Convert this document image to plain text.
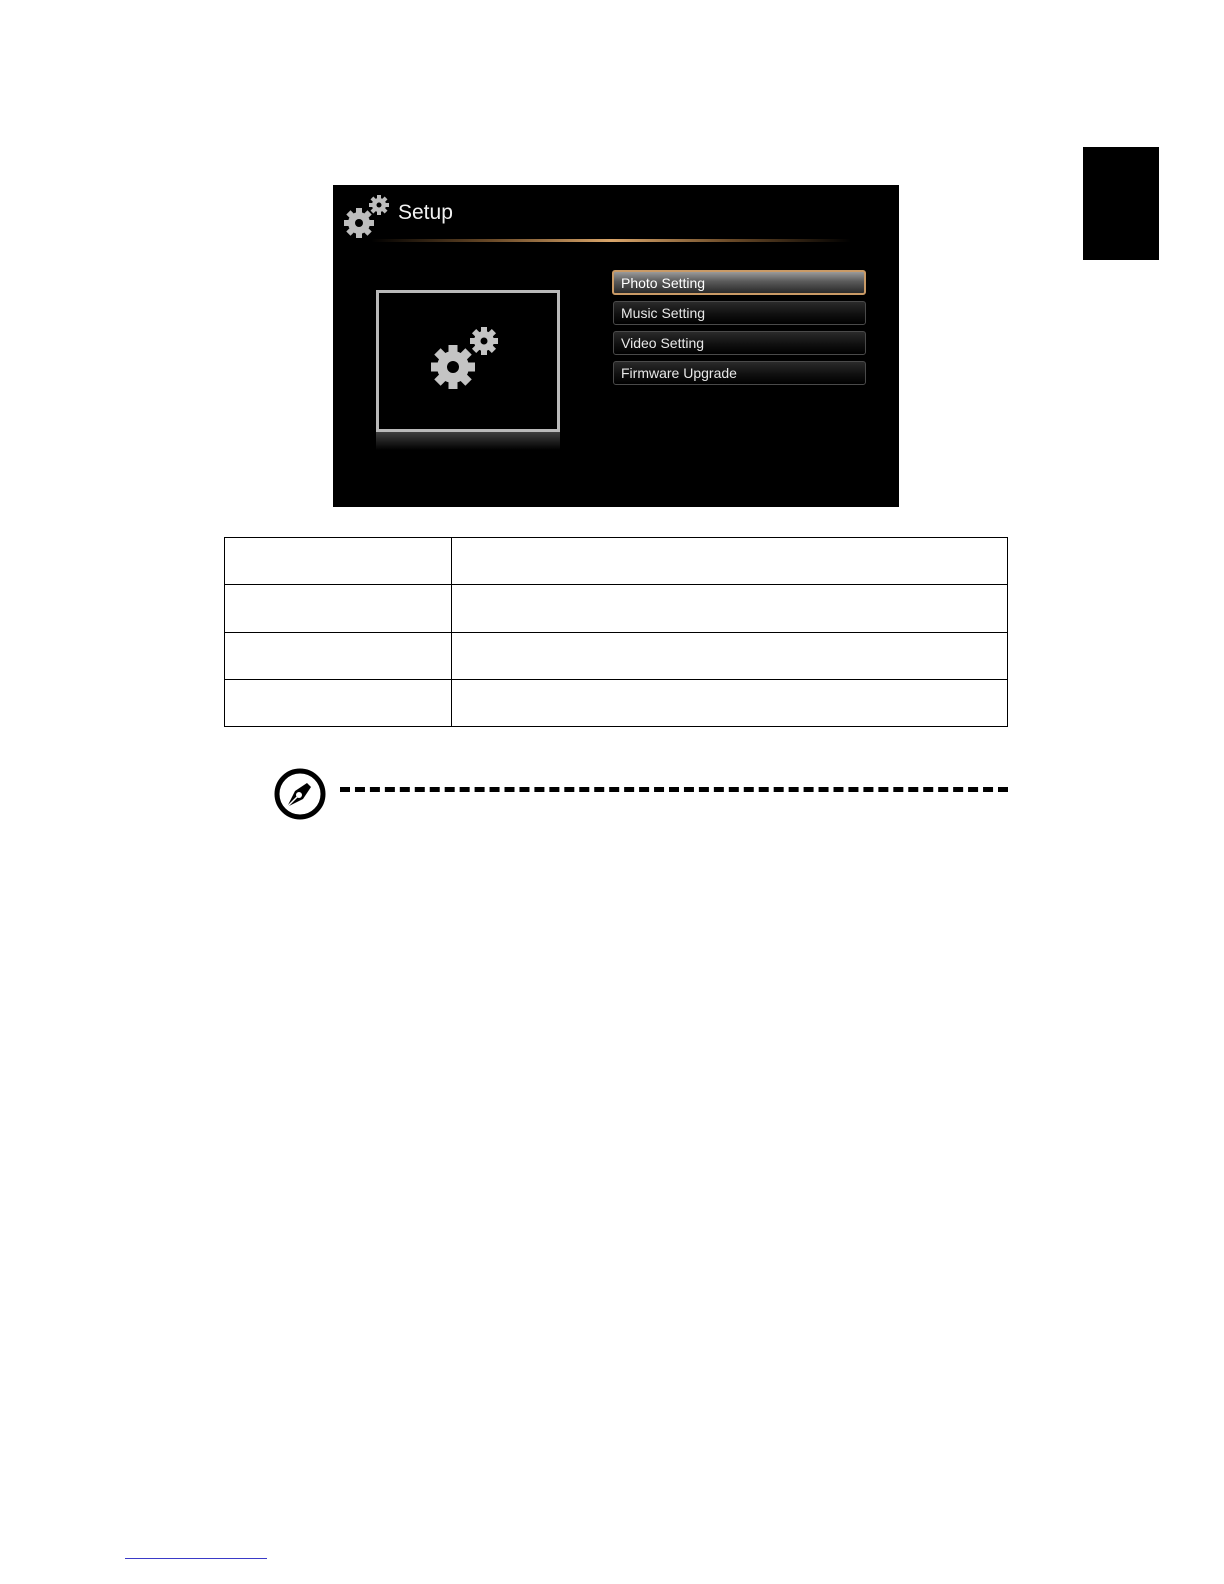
Setup
Photo Setting
Music Setting
Video Setting
Firmware Upgrade
